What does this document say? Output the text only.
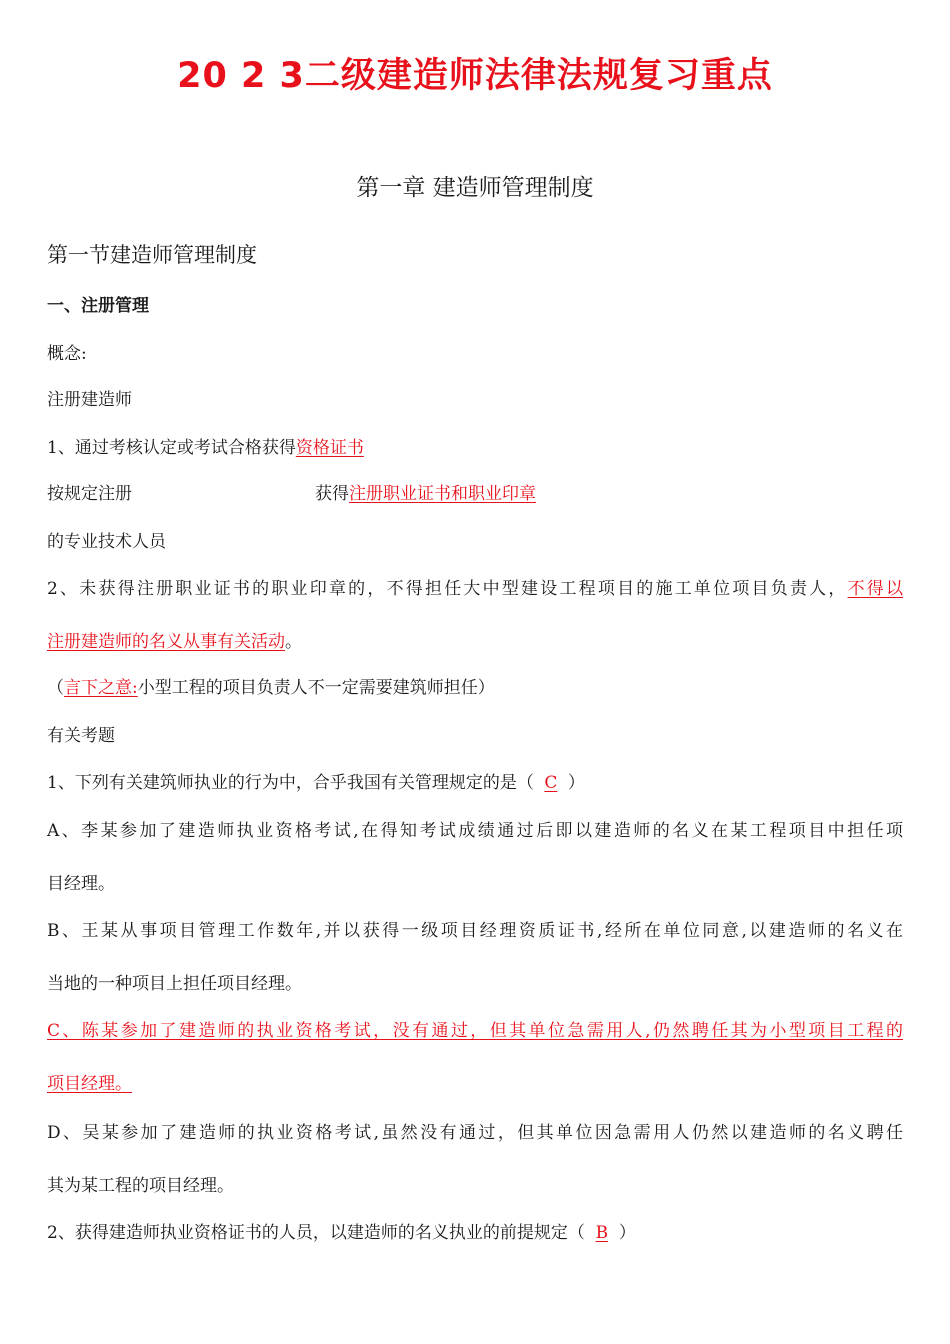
20 2 3二级建造师法律法规复习重点
第一章 建造师管理制度
第一节建造师管理制度
一、注册管理
概念:
注册建造师
1、通过考核认定或考试合格获得资格证书
按规定注册	获得注册职业证书和职业印章
的专业技术人员
2、未获得注册职业证书的职业印章的，不得担任大中型建设工程项目的施工单位项目负责人，不得以
注册建造师的名义从事有关活动。
（言下之意:小型工程的项目负责人不一定需要建筑师担任）
有关考题
1、下列有关建筑师执业的行为中，合乎我国有关管理规定的是（ C ）
A、李某参加了建造师执业资格考试,在得知考试成绩通过后即以建造师的名义在某工程项目中担任项
目经理。
B、王某从事项目管理工作数年,并以获得一级项目经理资质证书,经所在单位同意,以建造师的名义在
当地的一种项目上担任项目经理。
C、陈某参加了建造师的执业资格考试，没有通过，但其单位急需用人,仍然聘任其为小型项目工程的
项目经理。
D、吴某参加了建造师的执业资格考试,虽然没有通过，但其单位因急需用人仍然以建造师的名义聘任
其为某工程的项目经理。
2、获得建造师执业资格证书的人员，以建造师的名义执业的前提规定（ B ）
